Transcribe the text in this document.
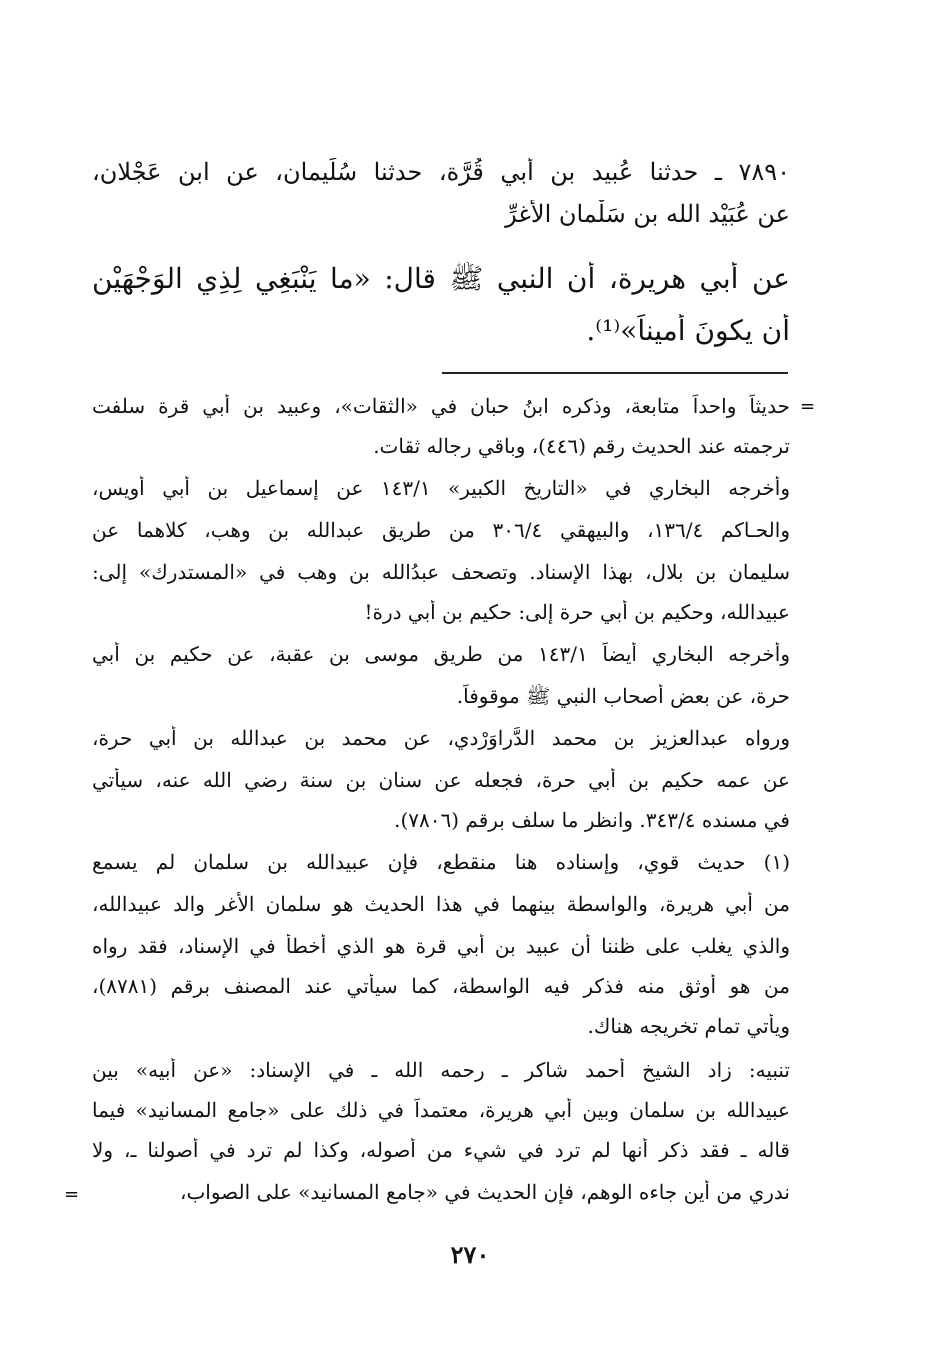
٧٨٩٠ ـ حدثنا عُبيد بن أَبي قُرَّة، حدثنا سُلَيمان، عن ابن عَجْلان،
عن عُبَيْد الله بن سَلْمان الأَغرِّ
عن أَبي هريرة، أَن النبي ﷺ قال: «ما يَنْبَغِي لِذِي الوَجْهَيْن
أَن يكونَ أَميناً»⁽¹⁾.
=
حديثاً واحداً متابعة، وذكره ابنُ حبان في «الثقات»، وعبيد بن أبي قرة سلفت
ترجمته عند الحديث رقم (٤٤٦)، وباقي رجاله ثقات.
وأخرجه البخاري في «التاريخ الكبير» ١٤٣/١ عن إسماعيل بن أبي أويس،
والحـاكم ١٣٦/٤، والبيهقي ٣٠٦/٤ من طريق عبدالله بن وهب، كلاهما عن
سليمان بن بلال، بهذا الإسناد. وتصحف عبدُالله بن وهب في «المستدرك» إلى:
عبيدالله، وحكيم بن أبي حرة إلى: حكيم بن أبي درة!
وأخرجه البخاري أيضاً ١٤٣/١ من طريق موسى بن عقبة، عن حكيم بن أبي
حرة، عن بعض أصحاب النبي ﷺ موقوفاً.
ورواه عبدالعزيز بن محمد الدَّراوَرْدي، عن محمد بن عبدالله بن أبي حرة،
عن عمه حكيم بن أبي حرة، فجعله عن سنان بن سنة رضي الله عنه، سيأتي
في مسنده ٣٤٣/٤. وانظر ما سلف برقم (٧٨٠٦).
(١) حديث قوي، وإسناده هنا منقطع، فإن عبيدالله بن سلمان لم يسمع
من أبي هريرة، والواسطة بينهما في هذا الحديث هو سلمان الأغر والد عبيدالله،
والذي يغلب على ظننا أن عبيد بن أبي قرة هو الذي أخطأ في الإسناد، فقد رواه
من هو أوثق منه فذكر فيه الواسطة، كما سيأتي عند المصنف برقم (٨٧٨١)،
ويأتي تمام تخريجه هناك.
تنبيه: زاد الشيخ أحمد شاكر ـ رحمه الله ـ في الإسناد: «عن أبيه» بين
عبيدالله بن سلمان وبين أبي هريرة، معتمداً في ذلك على «جامع المسانيد» فيما
قاله ـ فقد ذكر أنها لم ترد في شيء من أصوله، وكذا لم ترد في أصولنا ـ، ولا
ندري من أين جاءه الوهم، فإن الحديث في «جامع المسانيد» على الصواب،
=
٢٧٠
